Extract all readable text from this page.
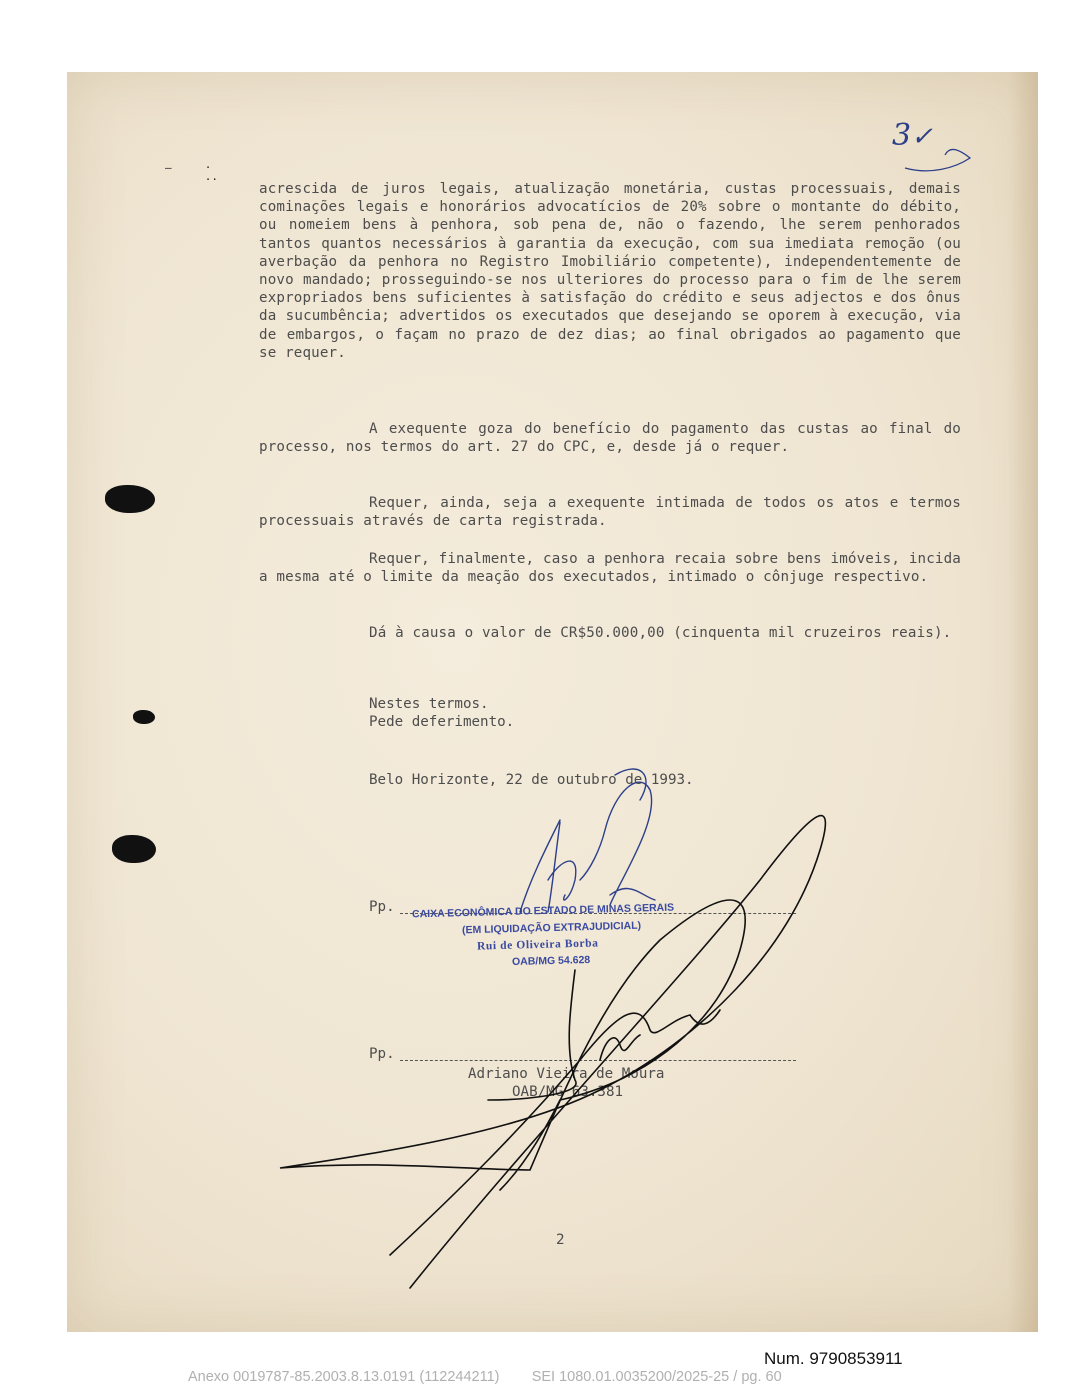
–     ·
··
3✓

acrescida de juros legais, atualização monetária, custas processuais, demais cominações legais e honorários advocatícios de 20% sobre o montante do débito, ou nomeiem bens à penhora, sob pena de, não o fazendo, lhe serem penhorados tantos quantos necessários à garantia da execução, com sua imediata remoção (ou averbação da penhora no Registro Imobiliário competente), independentemente de novo mandado; prosseguindo-se nos ulteriores do processo para o fim de lhe serem expropriados bens suficientes à satisfação do crédito e seus adjectos e dos ônus da sucumbência; advertidos os executados que desejando se oporem à execução, via de embargos, o façam no prazo de dez dias; ao final obrigados ao pagamento que se requer.

A exequente goza do benefício do pagamento das custas ao final do processo, nos termos do art. 27 do CPC, e, desde já o requer.

Requer, ainda, seja a exequente intimada de todos os atos e termos processuais através de carta registrada.

Requer, finalmente, caso a penhora recaia sobre bens imóveis, incida a mesma até o limite da meação dos executados, intimado o cônjuge respectivo.

Dá à causa o valor de CR$50.000,00 (cinquenta mil cruzeiros reais).

Nestes termos.
Pede deferimento.
Belo Horizonte, 22 de outubro de 1993.
Pp. CAIXA ECONÔMICA DO ESTADO DE MINAS GERAIS
(EM LIQUIDAÇÃO EXTRAJUDICIAL)
Rui de Oliveira Borba
OAB/MG 54.628
Pp.
Adriano Vieira de Moura
OAB/MG 63.381
2
Num. 9790853911
Anexo 0019787-85.2003.8.13.0191 (112244211)        SEI 1080.01.0035200/2025-25 / pg. 60
